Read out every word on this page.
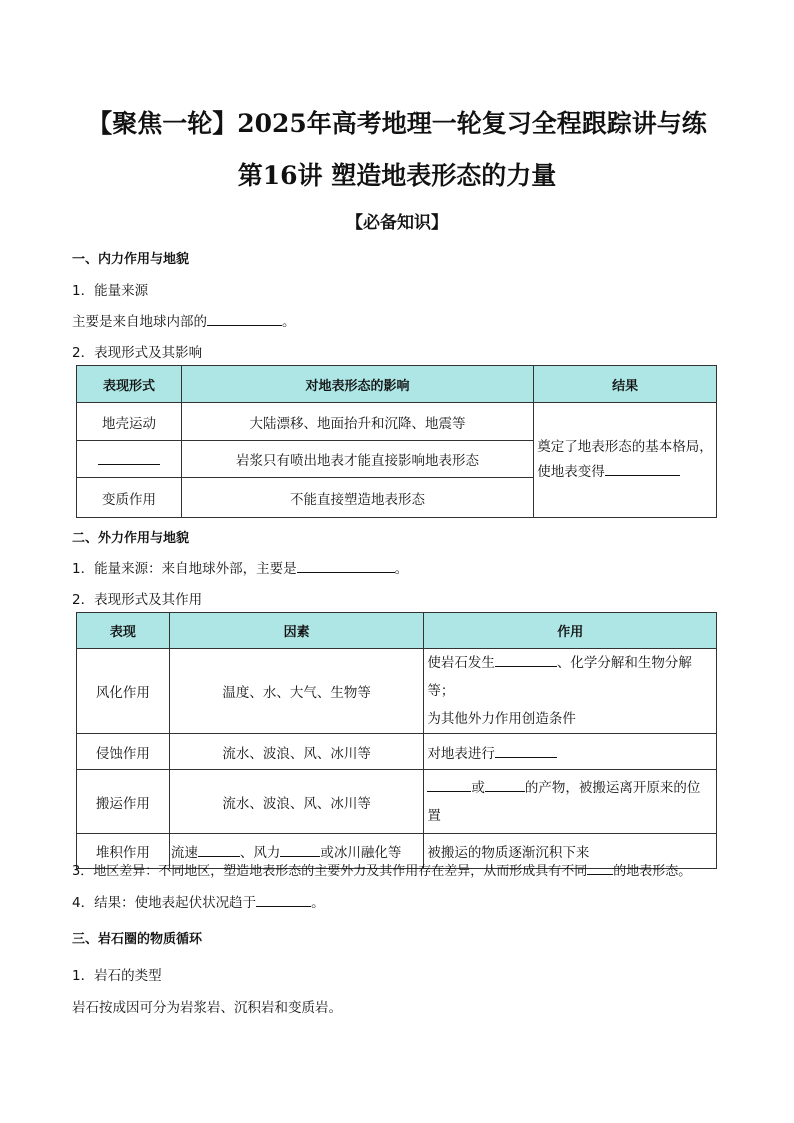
【聚焦一轮】2025年高考地理一轮复习全程跟踪讲与练
第16讲 塑造地表形态的力量
【必备知识】
一、内力作用与地貌
1．能量来源
主要是来自地球内部的	。
2．表现形式及其影响
表现形式	对地表形态的影响	结果
地壳运动	大陆漂移、地面抬升和沉降、地震等	奠定了地表形态的基本格局，
使地表变得

	岩浆只有喷出地表才能直接影响地表形态	
变质作用	不能直接塑造地表形态	
二、外力作用与地貌
1．能量来源：来自地球外部，主要是	。
2．表现形式及其作用
表现	因素	作用
风化作用	温度、水、大气、生物等	使岩石发生 、化学分解和生物分解等；
为其他外力作用创造条件

侵蚀作用	流水、波浪、风、冰川等	对地表进行
搬运作用	流水、波浪、风、冰川等	或 的产物，被搬运离开原来的位
置

堆积作用	流速 、风力 或冰川融化等	被搬运的物质逐渐沉积下来
3．地区差异：不同地区，塑造地表形态的主要外力及其作用存在差异，从而形成具有不同 的地表形态。
4．结果：使地表起伏状况趋于	。
三、岩石圈的物质循环
1．岩石的类型
岩石按成因可分为岩浆岩、沉积岩和变质岩。
